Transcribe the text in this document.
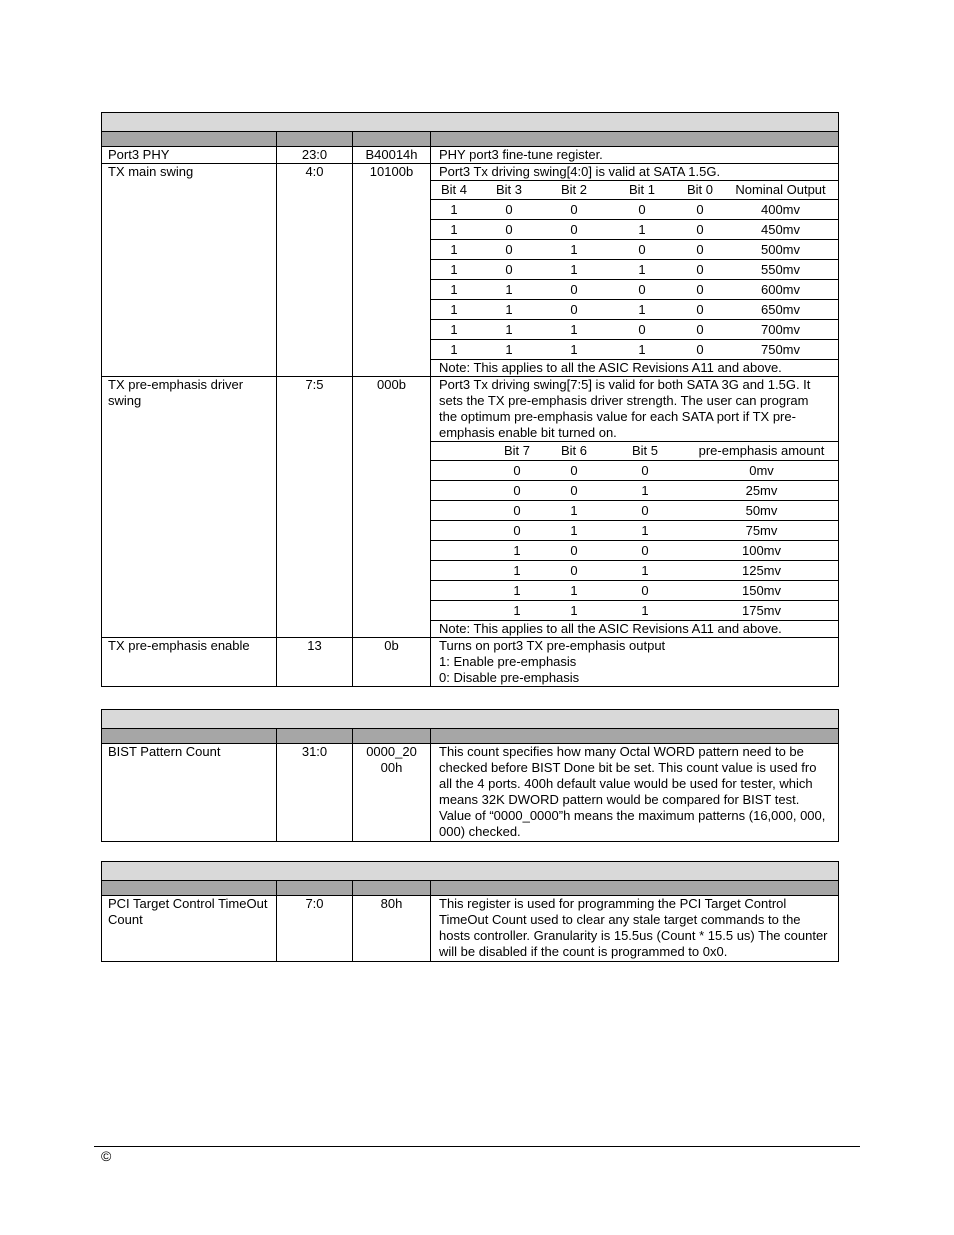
Port3 PHY	23:0	B40014h	PHY port3 fine-tune register.

TX main swing	4:0	10100b	Port3 Tx driving swing[4:0] is valid at SATA 1.5G.
Bit 4	Bit 3	Bit 2	Bit 1	Bit 0	Nominal Output
1	0	0	0	0	400mv
1	0	0	1	0	450mv
1	0	1	0	0	500mv
1	0	1	1	0	550mv
1	1	0	0	0	600mv
1	1	0	1	0	650mv
1	1	1	0	0	700mv
1	1	1	1	0	750mv
Note: This applies to all the ASIC Revisions A11 and above.

TX pre-emphasis driver swing	7:5	000b	Port3 Tx driving swing[7:5] is valid for both SATA 3G and 1.5G. It sets the TX pre-emphasis driver strength. The user can program the optimum pre-emphasis value for each SATA port if TX pre-emphasis enable bit turned on.
	Bit 7	Bit 6	Bit 5	pre-emphasis amount
	0	0	0	0mv
	0	0	1	25mv
	0	1	0	50mv
	0	1	1	75mv
	1	0	0	100mv
	1	0	1	125mv
	1	1	0	150mv
	1	1	1	175mv
Note: This applies to all the ASIC Revisions A11 and above.

TX pre-emphasis enable	13	0b	Turns on port3 TX pre-emphasis output
1: Enable pre-emphasis
0: Disable pre-emphasis

BIST Pattern Count	31:0	0000_20
00h	This count specifies how many Octal WORD pattern need to be checked before BIST Done bit be set. This count value is used fro all the 4 ports. 400h default value would be used for tester, which means 32K DWORD pattern would be compared for BIST test. Value of “0000_0000”h means the maximum patterns (16,000, 000, 000) checked.

PCI Target Control TimeOut Count	7:0	80h	This register is used for programming the PCI Target Control TimeOut Count used to clear any stale target commands to the hosts controller. Granularity is 15.5us (Count * 15.5 us) The counter will be disabled if the count is programmed to 0x0.
©
